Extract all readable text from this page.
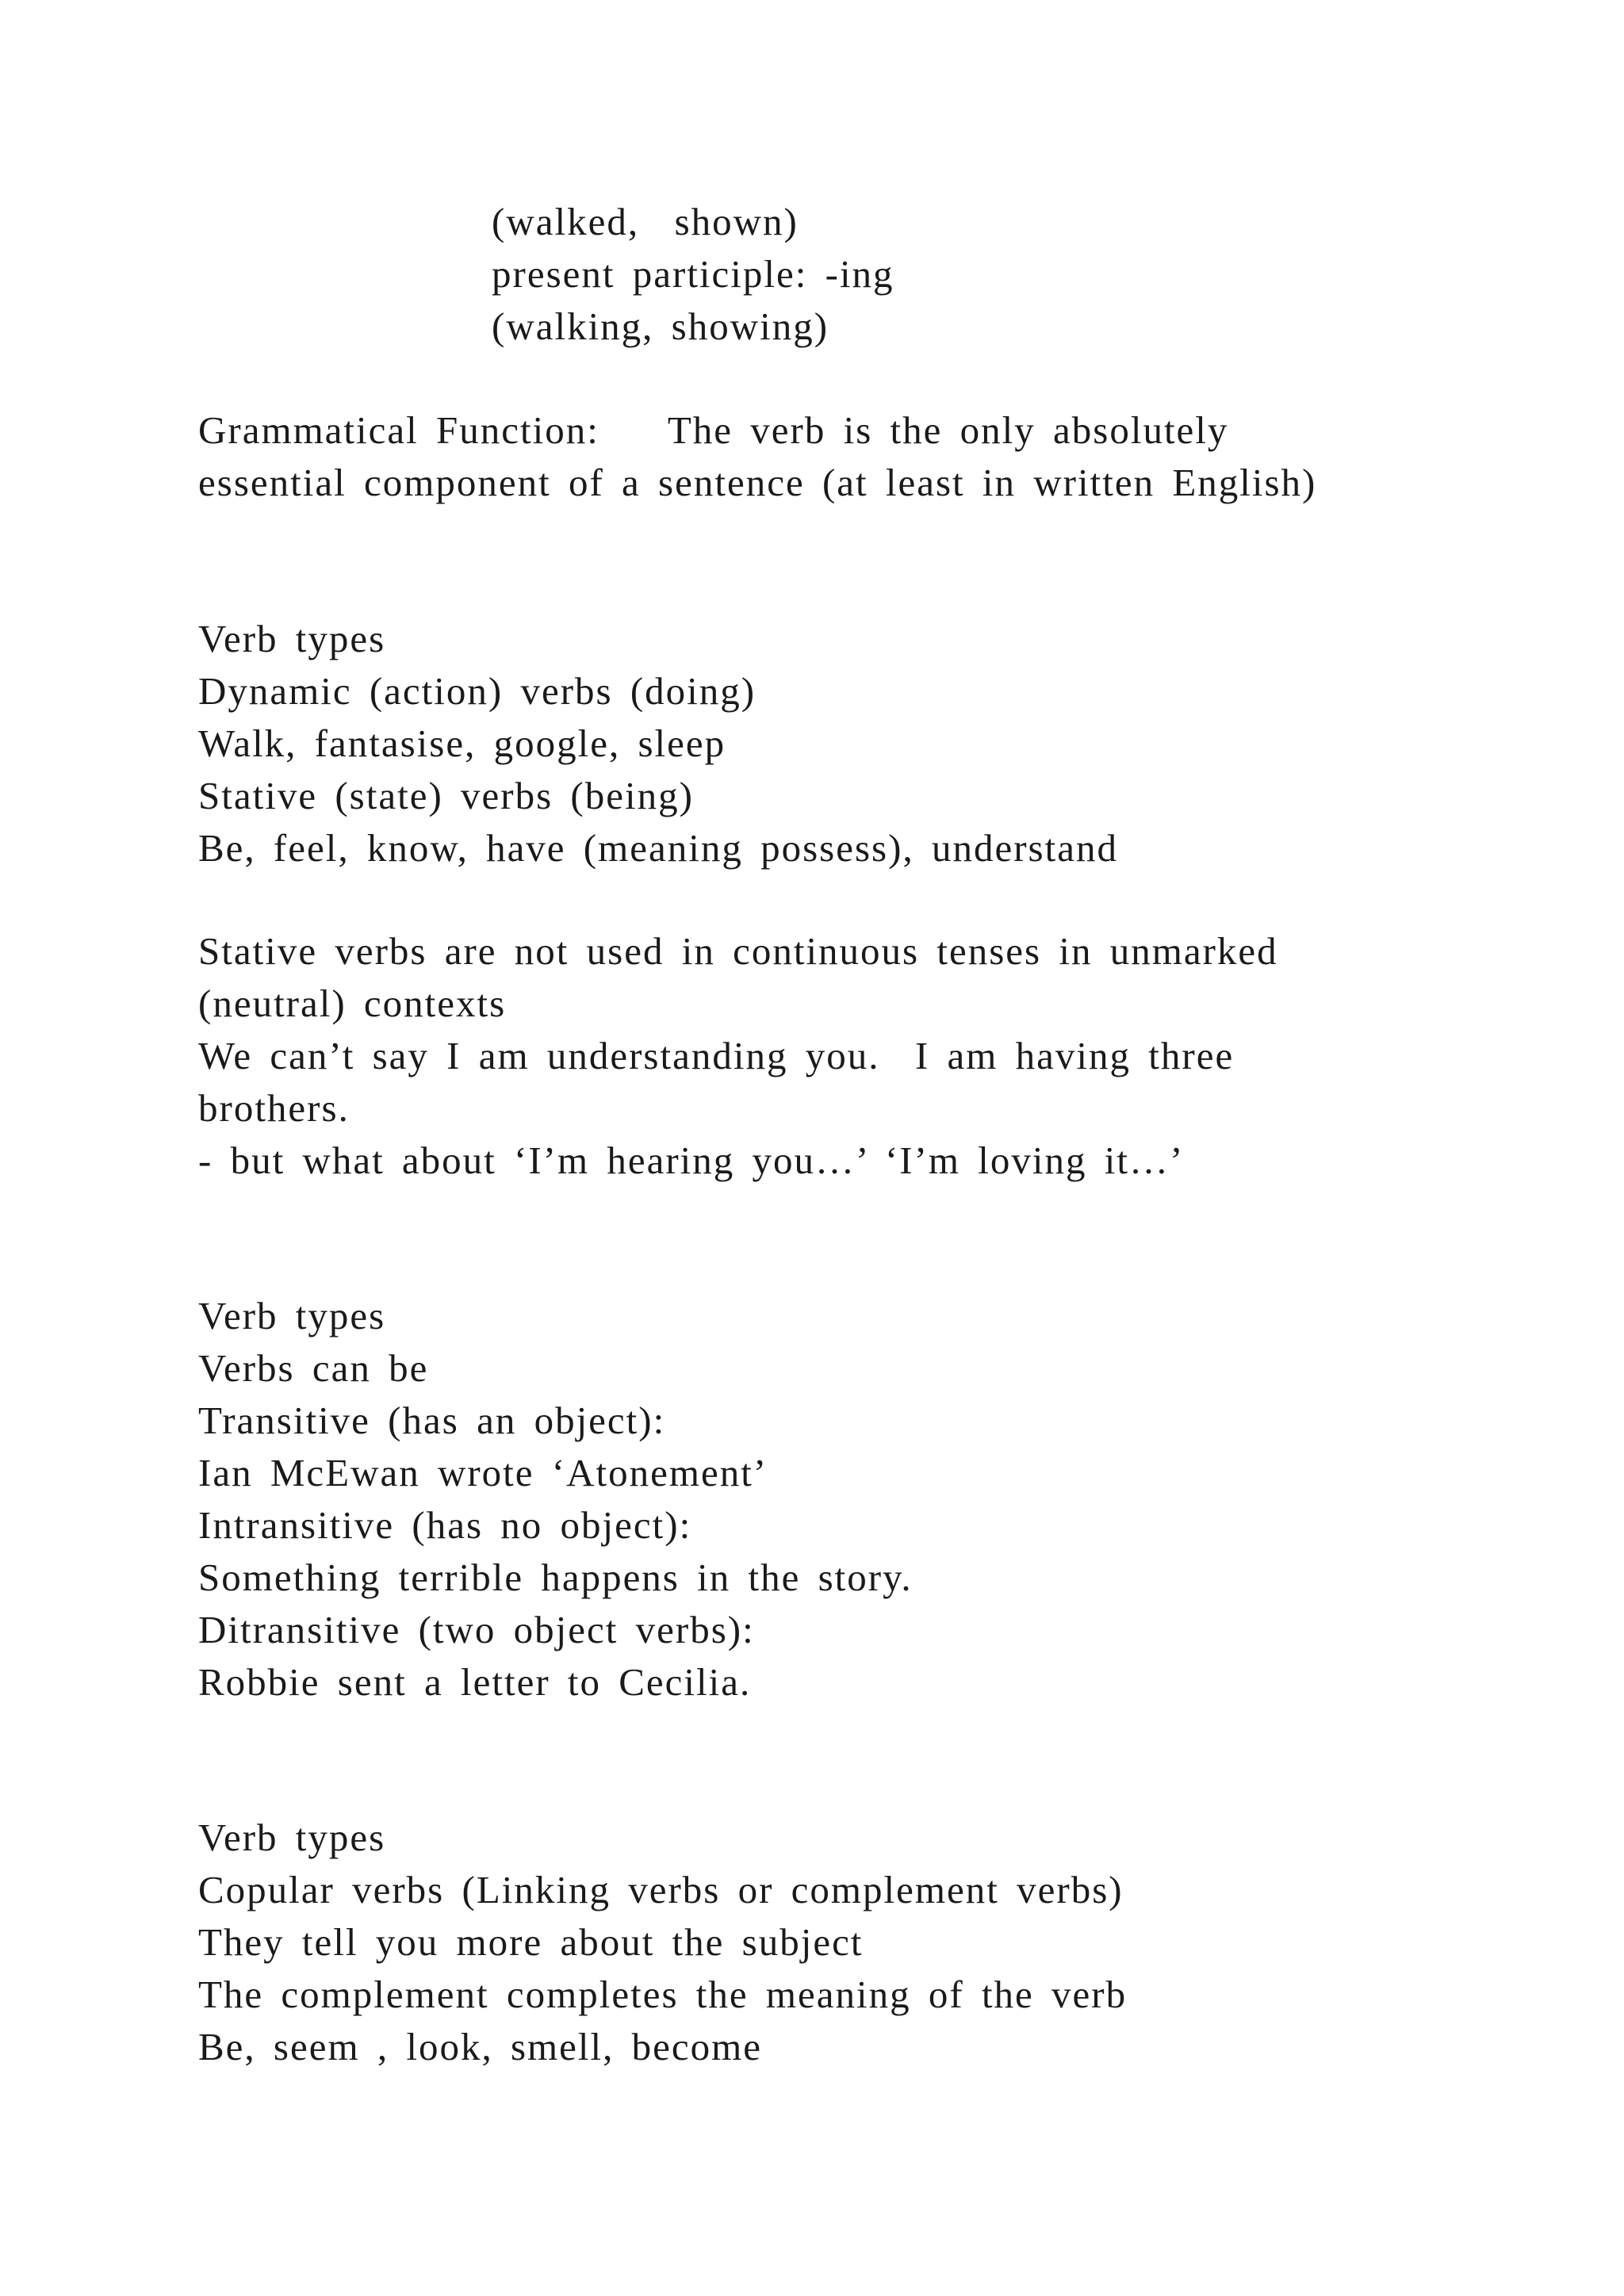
(walked,  shown)
present participle: -ing
(walking, showing)
Grammatical Function: The verb is the only absolutely
essential component of a sentence (at least in written English)
Verb types
Dynamic (action) verbs (doing)
Walk, fantasise, google, sleep
Stative (state) verbs (being)
Be, feel, know, have (meaning possess), understand
Stative verbs are not used in continuous tenses in unmarked
(neutral) contexts
We can’t say I am understanding you.  I am having three
brothers.
- but what about ‘I’m hearing you…’ ‘I’m loving it…’
Verb types
Verbs can be
Transitive (has an object):
Ian McEwan wrote ‘Atonement’
Intransitive (has no object):
Something terrible happens in the story.
Ditransitive (two object verbs):
Robbie sent a letter to Cecilia.
Verb types
Copular verbs (Linking verbs or complement verbs)
They tell you more about the subject
The complement completes the meaning of the verb
Be, seem , look, smell, become
